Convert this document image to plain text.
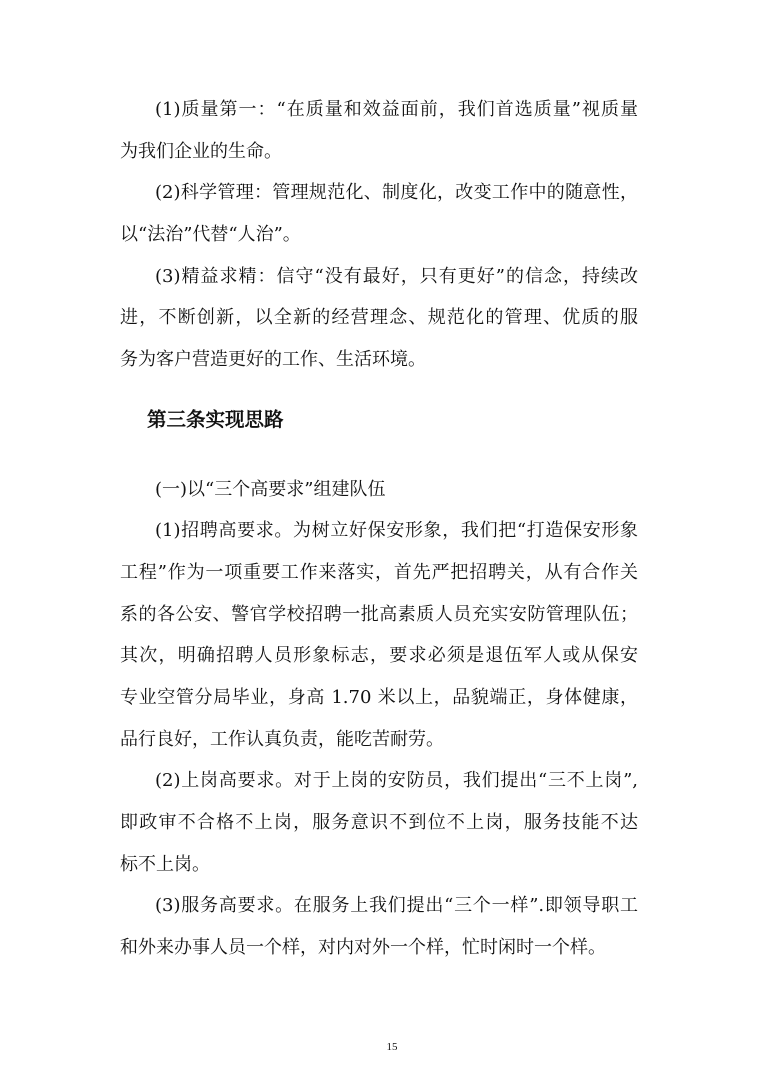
(1)质量第一：“在质量和效益面前，我们首选质量”视质量
为我们企业的生命。
(2)科学管理：管理规范化、制度化，改变工作中的随意性，
以“法治”代替“人治”。
(3)精益求精：信守“没有最好，只有更好”的信念，持续改
进，不断创新，以全新的经营理念、规范化的管理、优质的服
务为客户营造更好的工作、生活环境。
第三条实现思路
(一)以“三个高要求”组建队伍
(1)招聘高要求。为树立好保安形象，我们把“打造保安形象
工程”作为一项重要工作来落实，首先严把招聘关，从有合作关
系的各公安、警官学校招聘一批高素质人员充实安防管理队伍；
其次，明确招聘人员形象标志，要求必须是退伍军人或从保安
专业空管分局毕业，身高 1.70 米以上，品貌端正，身体健康，
品行良好，工作认真负责，能吃苦耐劳。
(2)上岗高要求。对于上岗的安防员，我们提出“三不上岗”,
即政审不合格不上岗，服务意识不到位不上岗，服务技能不达
标不上岗。
(3)服务高要求。在服务上我们提出“三个一样”.即领导职工
和外来办事人员一个样，对内对外一个样，忙时闲时一个样。
15
